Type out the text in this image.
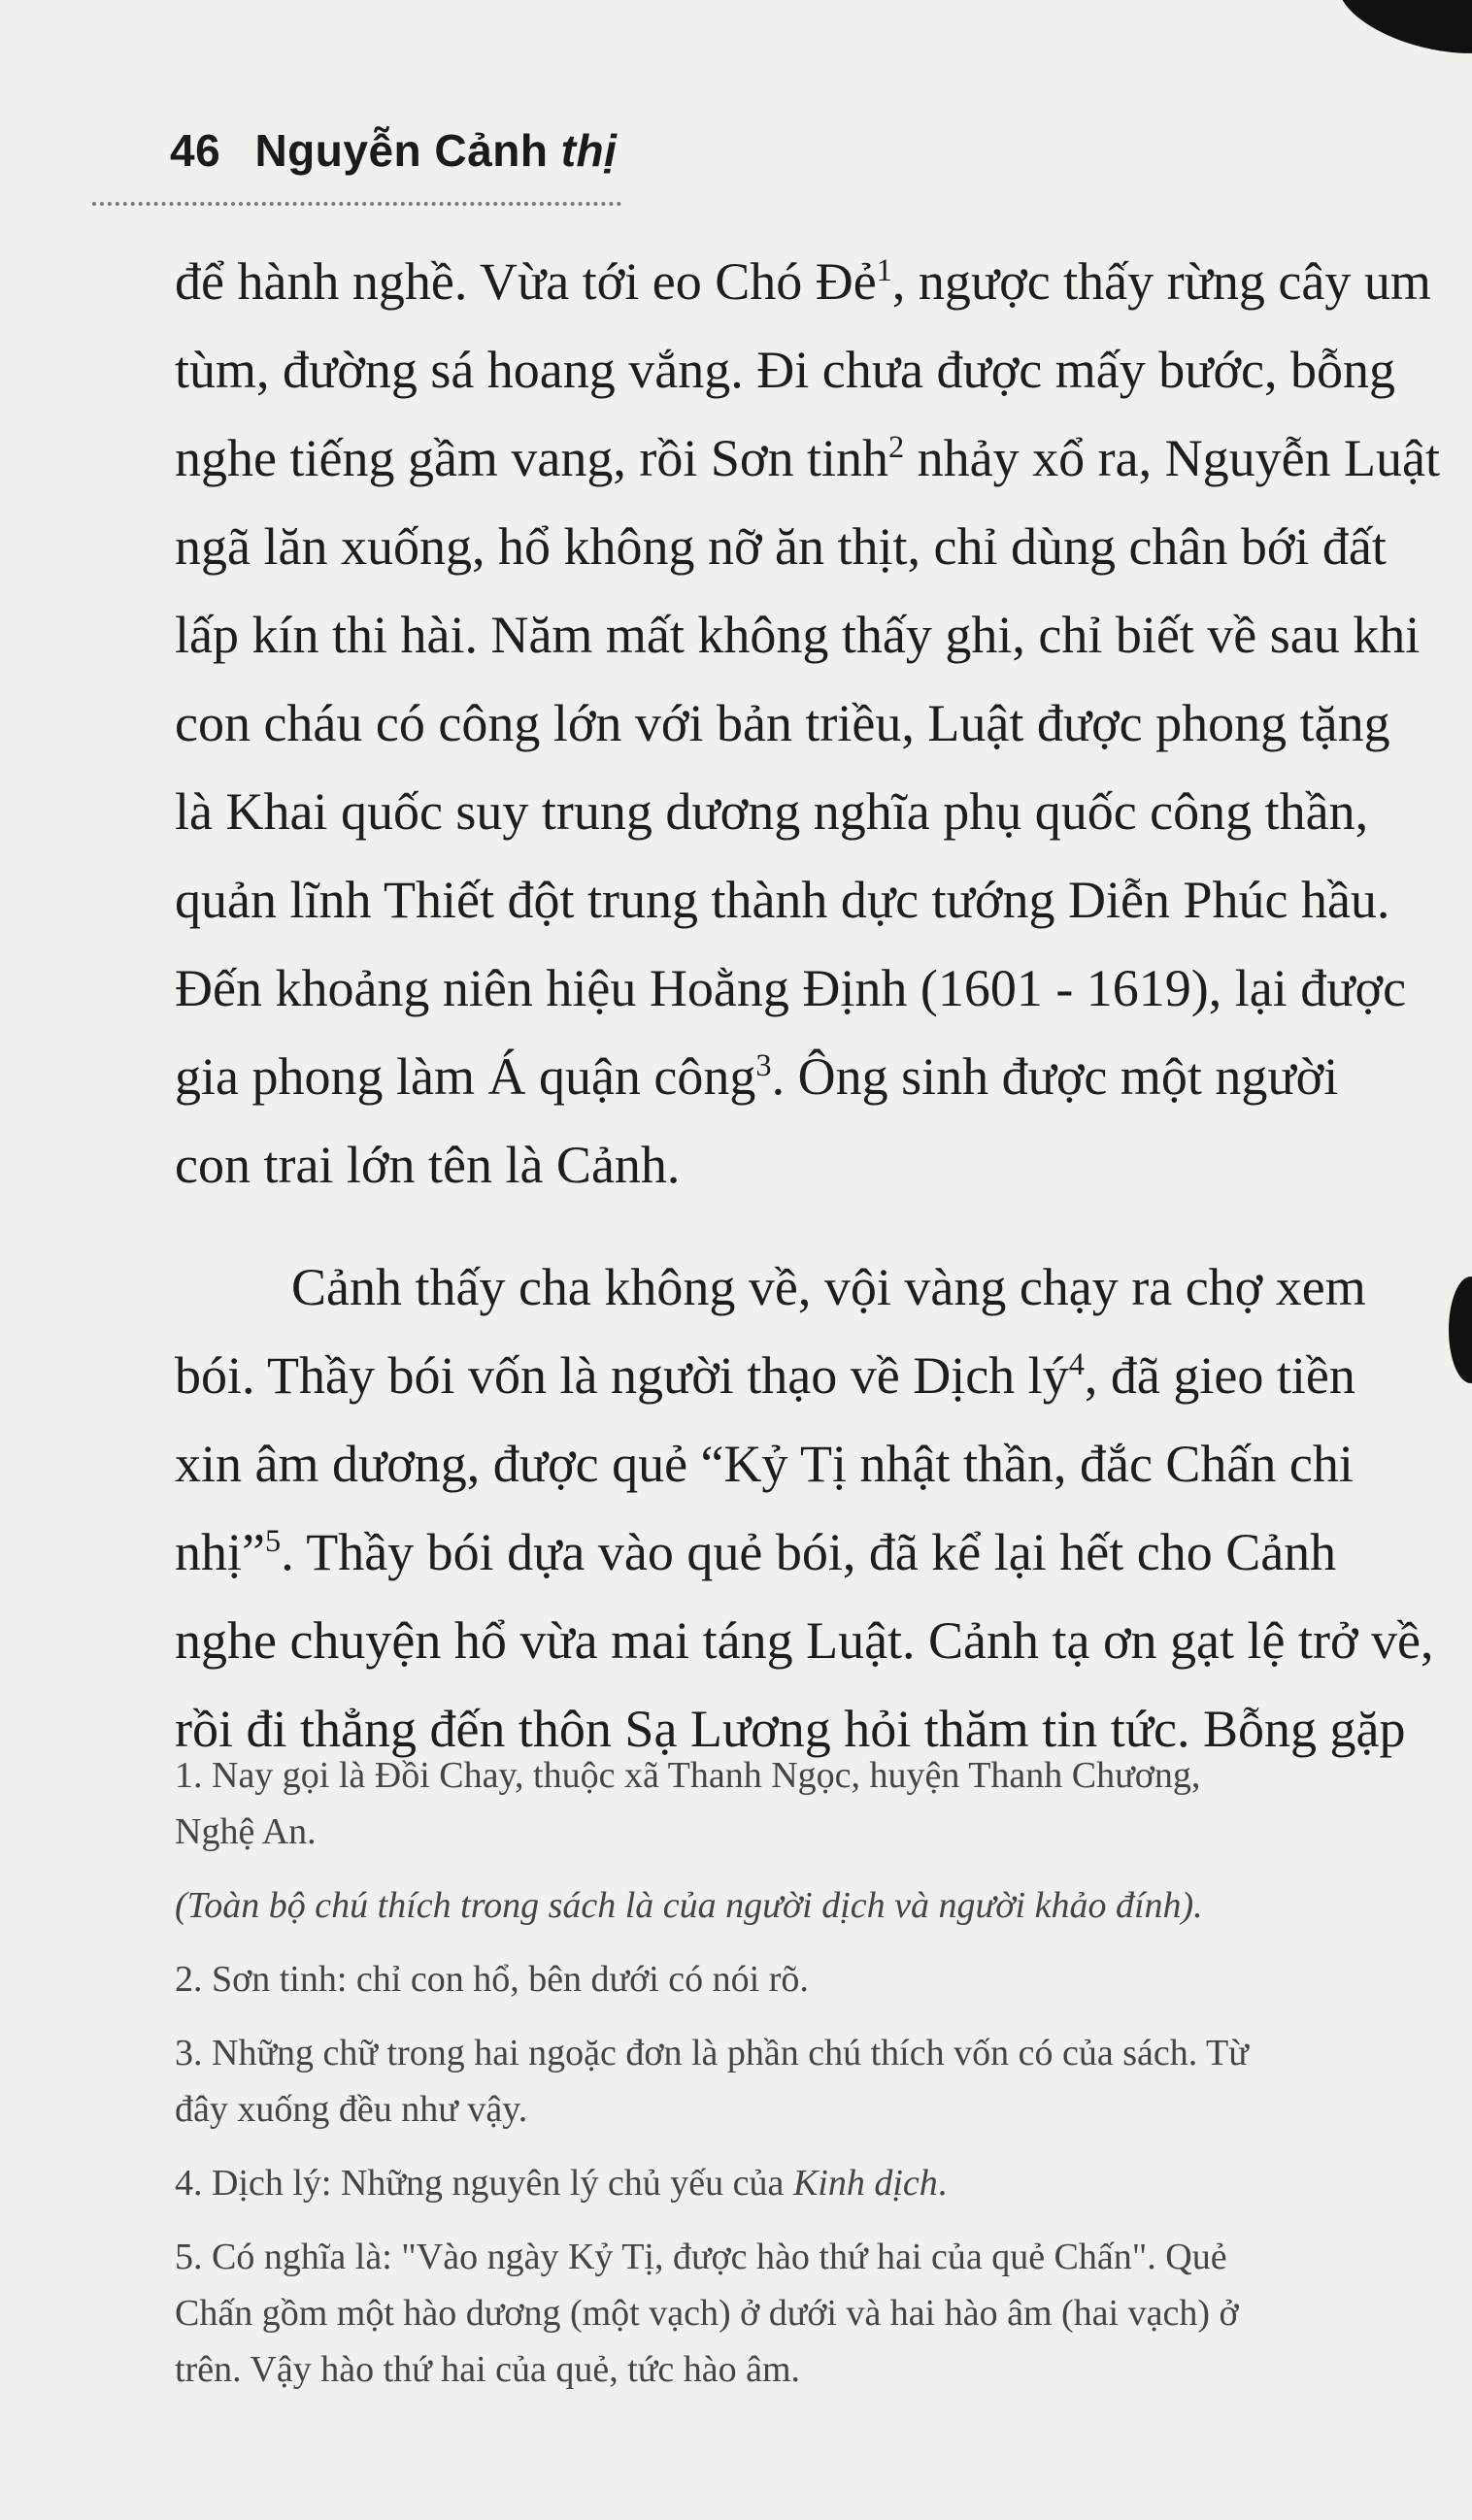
46 Nguyễn Cảnh thị

để hành nghề. Vừa tới eo Chó Đẻ$^1$, ngược thấy rừng cây um
tùm, đường sá hoang vắng. Đi chưa được mấy bước, bỗng
nghe tiếng gầm vang, rồi Sơn tinh$^2$ nhảy xổ ra, Nguyễn Luật
ngã lăn xuống, hổ không nỡ ăn thịt, chỉ dùng chân bới đất
lấp kín thi hài. Năm mất không thấy ghi, chỉ biết về sau khi
con cháu có công lớn với bản triều, Luật được phong tặng
là Khai quốc suy trung dương nghĩa phụ quốc công thần,
quản lĩnh Thiết đột trung thành dực tướng Diễn Phúc hầu.
Đến khoảng niên hiệu Hoằng Định (1601 - 1619), lại được
gia phong làm Á quận công$^3$. Ông sinh được một người
con trai lớn tên là Cảnh.

Cảnh thấy cha không về, vội vàng chạy ra chợ xem
bói. Thầy bói vốn là người thạo về Dịch $lý^4$, đã gieo tiền
xin âm dương, được quẻ “Kỷ Tị nhật thần, đắc Chấn chi
nhị”$^5$. Thầy bói dựa vào quẻ bói, đã kể lại hết cho Cảnh
nghe chuyện hổ vừa mai táng Luật. Cảnh tạ ơn gạt lệ trở về,
rồi đi thẳng đến thôn Sạ Lương hỏi thăm tin tức. Bỗng gặp

1. Nay gọi là Đồi Chay, thuộc xã Thanh Ngọc, huyện Thanh Chương,
Nghệ An.
(Toàn bộ chú thích trong sách là của người dịch và người khảo đính).
2. Sơn tinh: chỉ con hổ, bên dưới có nói rõ.
3. Những chữ trong hai ngoặc đơn là phần chú thích vốn có của sách. Từ
đây xuống đều như vậy.
4. Dịch lý: Những nguyên lý chủ yếu của Kinh dịch.
5. Có nghĩa là: "Vào ngày Kỷ Tị, được hào thứ hai của quẻ Chấn". Quẻ
Chấn gồm một hào dương (một vạch) ở dưới và hai hào âm (hai vạch) ở
trên. Vậy hào thứ hai của quẻ, tức hào âm.
